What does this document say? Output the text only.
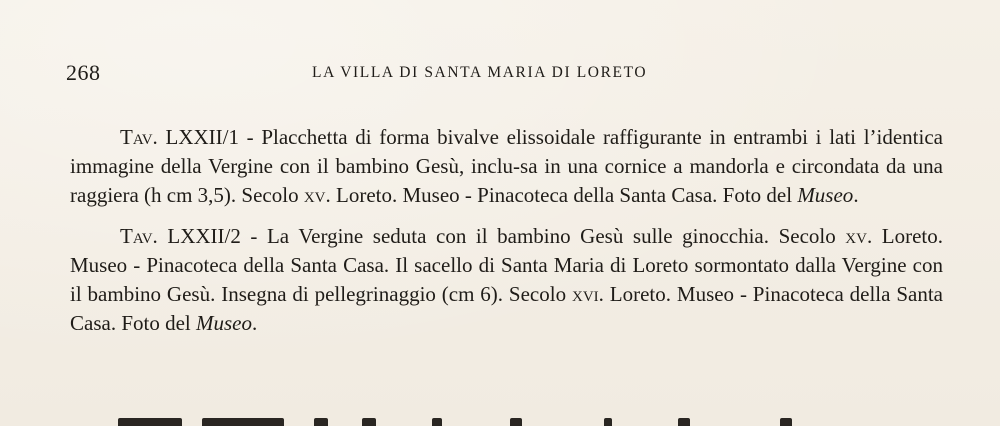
268	LA VILLA DI SANTA MARIA DI LORETO

Tav. LXXII/1 - Placchetta di forma bivalve elissoidale raffigurante in entrambi i lati l’identica immagine della Vergine con il bambino Gesù, inclu-sa in una cornice a mandorla e circondata da una raggiera (h cm 3,5). Secolo xv. Loreto. Museo - Pinacoteca della Santa Casa. Foto del Museo.

Tav. LXXII/2 - La Vergine seduta con il bambino Gesù sulle ginocchia. Secolo xv. Loreto. Museo - Pinacoteca della Santa Casa. Il sacello di Santa Maria di Loreto sormontato dalla Vergine con il bambino Gesù. Insegna di pellegrinaggio (cm 6). Secolo xvi. Loreto. Museo - Pinacoteca della Santa Casa. Foto del Museo.
